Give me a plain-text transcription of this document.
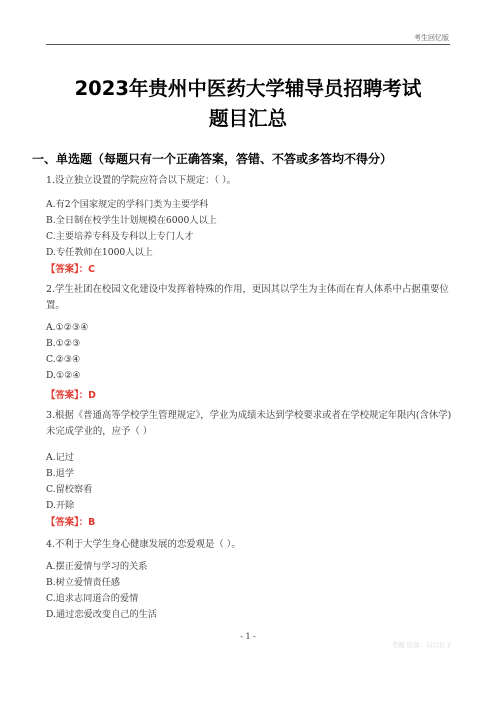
考生回忆版
2023年贵州中医药大学辅导员招聘考试
题目汇总
一、单选题（每题只有一个正确答案，答错、不答或多答均不得分）
1.设立独立设置的学院应符合以下规定：（ ）。
A.有2个国家规定的学科门类为主要学科
B.全日制在校学生计划规模在6000人以上
C.主要培养专科及专科以上专门人才
D.专任教师在1000人以上
【答案】：C
2.学生社团在校园文化建设中发挥着特殊的作用，更因其以学生为主体而在育人体系中占据重要位置。
A.①②③④
B.①②③
C.②③④
D.①②④
【答案】：D
3.根据《普通高等学校学生管理规定》，学业为成绩未达到学校要求或者在学校规定年限内(含休学)未完成学业的，应予（ ）
A.记过
B.退学
C.留校察看
D.开除
【答案】：B
4.不利于大学生身心健康发展的恋爱观是（ ）。
A.摆正爱情与学习的关系
B.树立爱情责任感
C.追求志同道合的爱情
D.通过恋爱改变自己的生活
- 1 -
考题 资源：勾以长予
